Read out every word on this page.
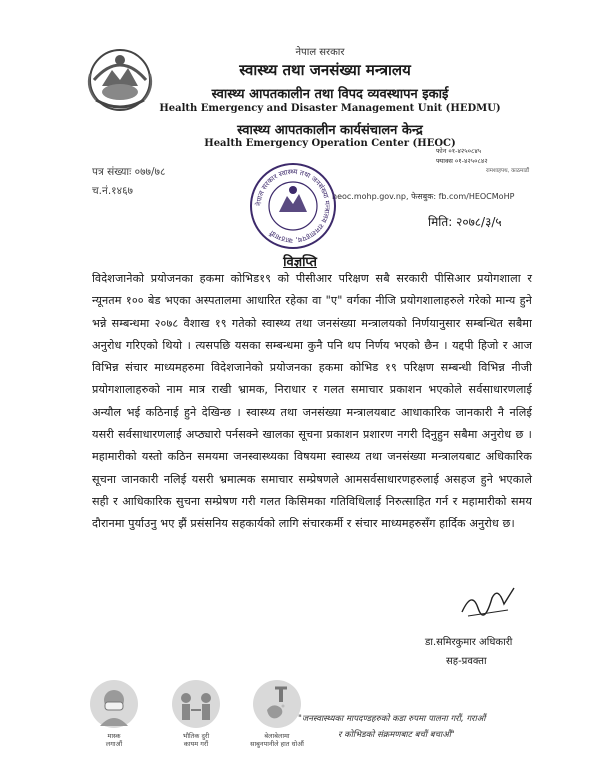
नेपाल सरकार
स्वास्थ्य तथा जनसंख्या मन्त्रालय
स्वास्थ्य आपतकालीन तथा विपद व्यवस्थापन इकाई
Health Emergency and Disaster Management Unit (HEDMU)
स्वास्थ्य आपतकालीन कार्यसंचालन केन्द्र
Health Emergency Operation Center (HEOC)
फोन ०१-४२५०८४५
फ्याक्स ०१-४२५०८४२
रामशाहपथ, काठमाडौं
पत्र संख्याः ०७७/७८
च.नं.१४६७	heoc.mohp.gov.np, फेसबुक: fb.com/HEOCMoHP
मिति: २०७८/३/५
नेपाल सरकार स्वास्थ्य तथा जनसंख्या मन्त्रालय रामशाहपथ, काठमाडौं
विज्ञप्ति
विदेशजानेको प्रयोजनका हकमा कोभिड१९ को पीसीआर परिक्षण सबै सरकारी पीसिआर प्रयोगशाला र न्यूनतम १०० बेड भएका अस्पतालमा आधारित रहेका वा "ए" वर्गका नीजि प्रयोगशालाहरुले गरेको मान्य हुने भन्ने सम्बन्धमा २०७८ वैशाख १९ गतेको स्वास्थ्य तथा जनसंख्या मन्त्रालयको निर्णयानुसार सम्बन्धित सबैमा अनुरोध गरिएको थियो । त्यसपछि यसका सम्बन्धमा कुनै पनि थप निर्णय भएको छैन । यद्दपी हिजो र आज विभिन्न संचार माध्यमहरुमा विदेशजानेको प्रयोजनका हकमा कोभिड १९ परिक्षण सम्बन्धी विभिन्न नीजी प्रयोगशालाहरुको नाम मात्र राखी भ्रामक, निराधार र गलत समाचार प्रकाशन भएकोले सर्वसाधारणलाई अन्यौल भई कठिनाई हुने देखिन्छ । स्वास्थ्य तथा जनसंख्या मन्त्रालयबाट आधाकारिक जानकारी नै नलिई यसरी सर्वसाधारणलाई अप्ठ्यारो पर्नसक्ने खालका सूचना प्रकाशन प्रशारण नगरी दिनुहुन सबैमा अनुरोध छ । महामारीको यस्तो कठिन समयमा जनस्वास्थ्यका विषयमा स्वास्थ्य तथा जनसंख्या मन्त्रालयबाट अधिकारिक सूचना जानकारी नलिई यसरी भ्रमात्मक समाचार सम्प्रेषणले आमसर्वसाधारणहरुलाई असहज हुने भएकाले सही र आधिकारिक सुचना सम्प्रेषण गरी गलत किसिमका गतिविधिलाई निरुत्साहित गर्न र महामारीको समय दौरानमा पुर्याउनु भए झैं प्रसंसनिय सहकार्यको लागि संचारकर्मी र संचार माध्यमहरुसँग हार्दिक अनुरोध छ।
डा.समिरकुमार अधिकारी
सह-प्रवक्ता
मास्क
लगाऔं
भौतिक दुरी
कायम गरौं
बेलाबेलामा
साबुनपानीले हात धोऔं
"जनस्वास्थ्यका मापदण्डहरुको कडा रुपमा पालना गरौं, गराऔं
र कोभिडको संक्रमणबाट बचौं बचाऔं"
